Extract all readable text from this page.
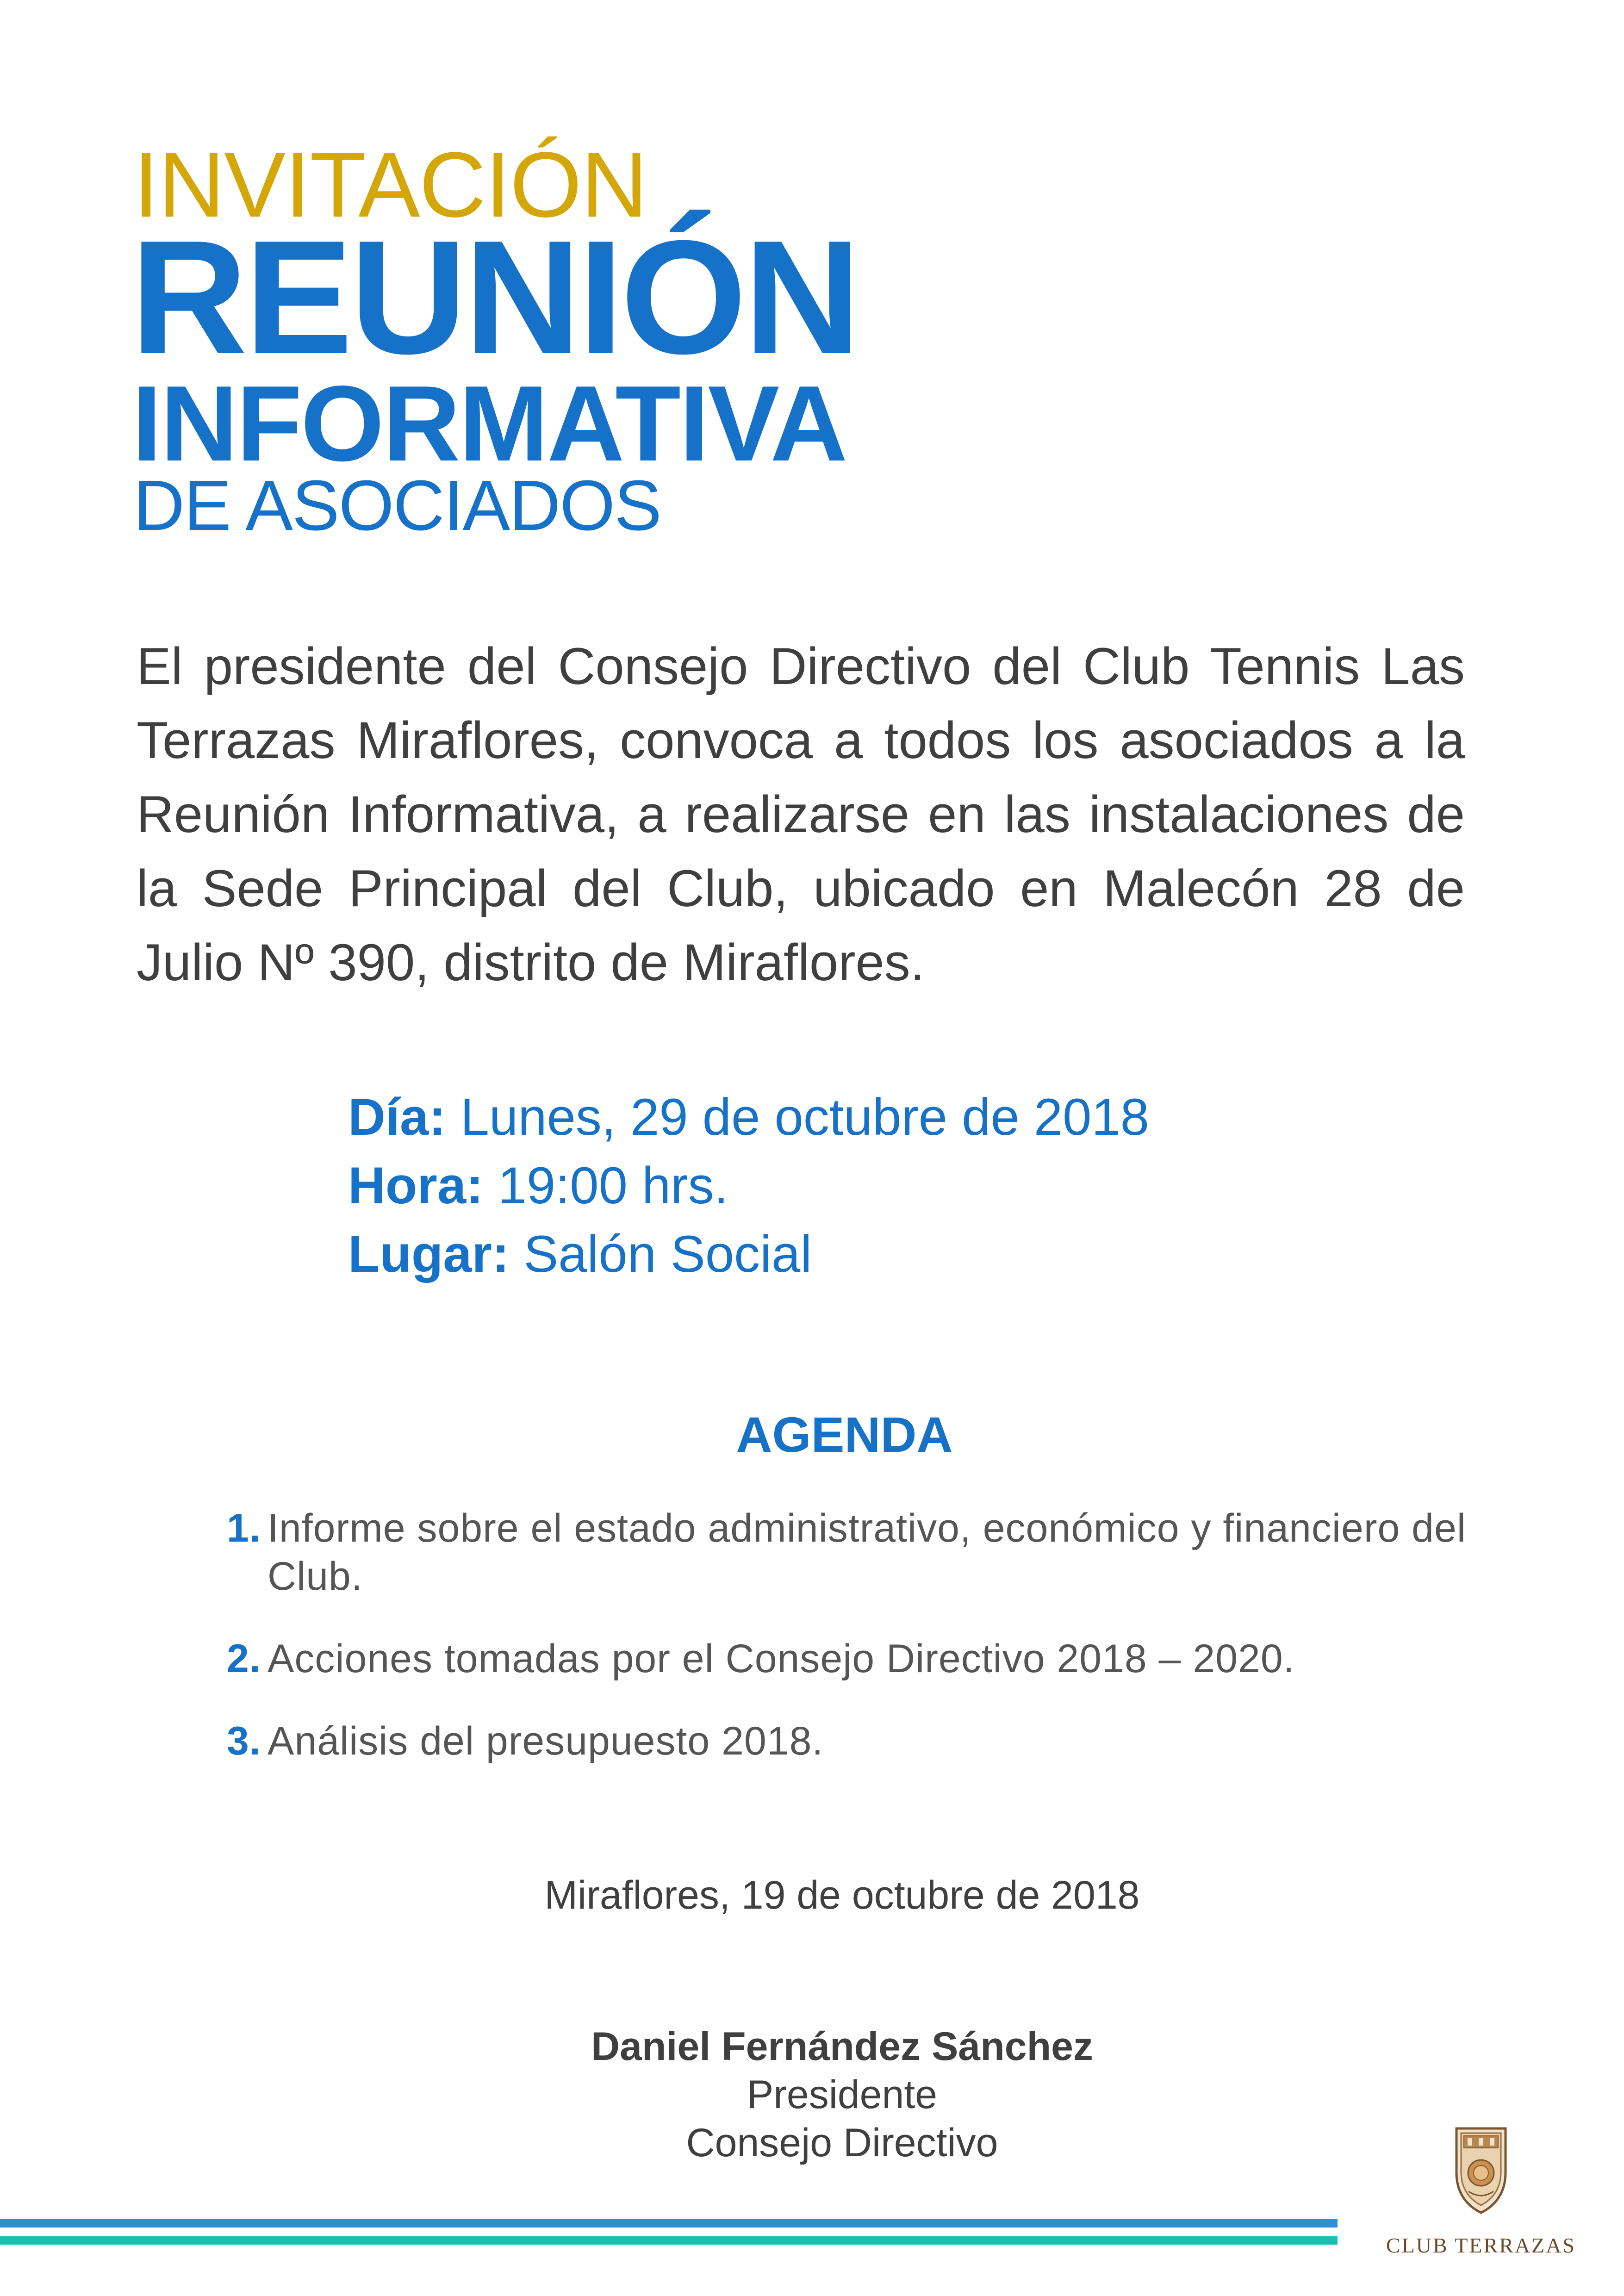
INVITACIÓN
REUNIÓN
INFORMATIVA
DE ASOCIADOS

El presidente del Consejo Directivo del Club Tennis Las Terrazas Miraflores, convoca a todos los asociados a la Reunión Informativa, a realizarse en las instalaciones de la Sede Principal del Club, ubicado en Malecón 28 de Julio Nº 390, distrito de Miraflores.

Día: Lunes, 29 de octubre de 2018
Hora: 19:00 hrs.
Lugar: Salón Social
AGENDA
1. Informe sobre el estado administrativo, económico y financiero del Club.
2. Acciones tomadas por el Consejo Directivo 2018 – 2020.
3. Análisis del presupuesto 2018.
Miraflores, 19 de octubre de 2018
Daniel Fernández Sánchez
Presidente
Consejo Directivo
CLUB TERRAZAS
